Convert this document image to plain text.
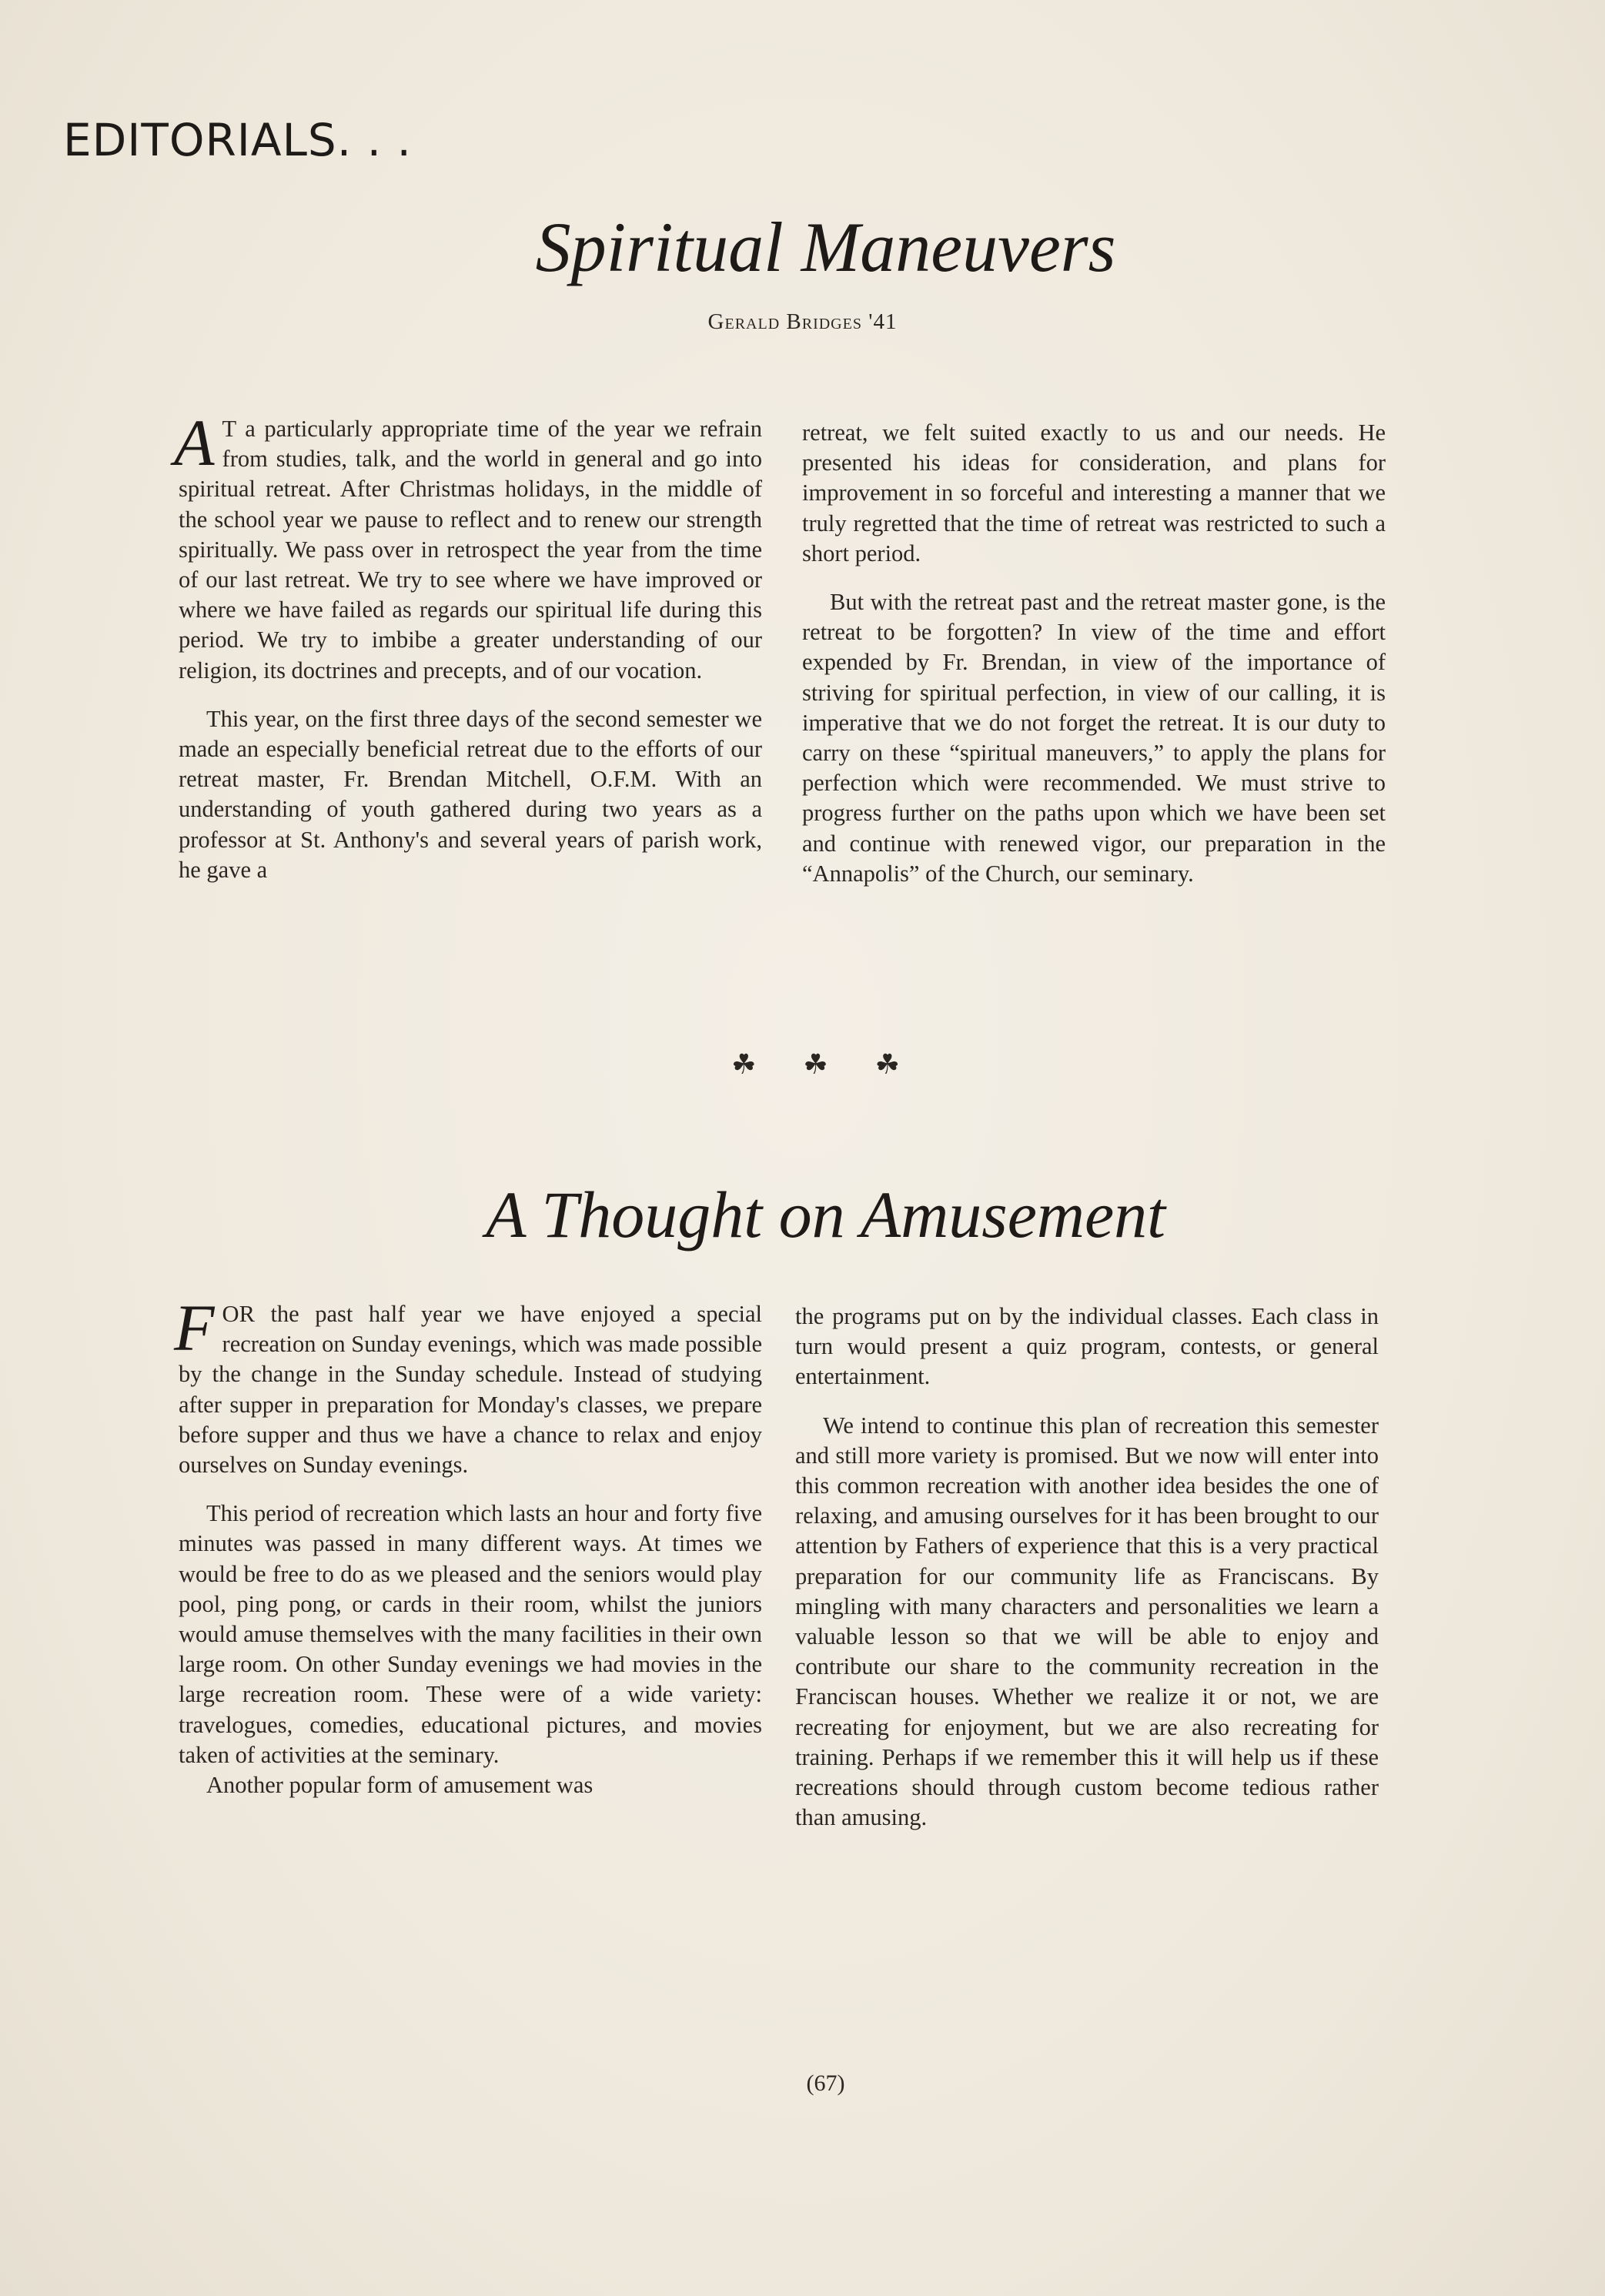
EDITORIALS. . .
Spiritual Maneuvers
Gerald Bridges '41

A T a particularly appropriate time of the year we refrain from studies, talk, and the world in general and go into spiritual retreat. After Christmas holidays, in the middle of the school year we pause to reflect and to renew our strength spiritually. We pass over in retrospect the year from the time of our last retreat. We try to see where we have improved or where we have failed as regards our spiritual life during this period. We try to imbibe a greater understanding of our religion, its doctrines and precepts, and of our vocation.

This year, on the first three days of the second semester we made an especially beneficial retreat due to the efforts of our retreat master, Fr. Brendan Mitchell, O.F.M. With an understanding of youth gathered during two years as a professor at St. Anthony's and several years of parish work, he gave a

retreat, we felt suited exactly to us and our needs. He presented his ideas for consideration, and plans for improvement in so forceful and interesting a manner that we truly regretted that the time of retreat was restricted to such a short period.

But with the retreat past and the retreat master gone, is the retreat to be forgotten? In view of the time and effort expended by Fr. Brendan, in view of the importance of striving for spiritual perfection, in view of our calling, it is imperative that we do not forget the retreat. It is our duty to carry on these “spiritual maneuvers,” to apply the plans for perfection which were recommended. We must strive to progress further on the paths upon which we have been set and continue with renewed vigor, our preparation in the “Annapolis” of the Church, our seminary.

☘ ☘ ☘
A Thought on Amusement

FOR the past half year we have enjoyed a special recreation on Sunday evenings, which was made possible by the change in the Sunday schedule. Instead of studying after supper in preparation for Monday's classes, we prepare before supper and thus we have a chance to relax and enjoy ourselves on Sunday evenings.

This period of recreation which lasts an hour and forty five minutes was passed in many different ways. At times we would be free to do as we pleased and the seniors would play pool, ping pong, or cards in their room, whilst the juniors would amuse themselves with the many facilities in their own large room. On other Sunday evenings we had movies in the large recreation room. These were of a wide variety: travelogues, comedies, educational pictures, and movies taken of activities at the seminary.

Another popular form of amusement was

the programs put on by the individual classes. Each class in turn would present a quiz program, contests, or general entertainment.

We intend to continue this plan of recreation this semester and still more variety is promised. But we now will enter into this common recreation with another idea besides the one of relaxing, and amusing ourselves for it has been brought to our attention by Fathers of experience that this is a very practical preparation for our community life as Franciscans. By mingling with many characters and personalities we learn a valuable lesson so that we will be able to enjoy and contribute our share to the community recreation in the Franciscan houses. Whether we realize it or not, we are recreating for enjoyment, but we are also recreating for training. Perhaps if we remember this it will help us if these recreations should through custom become tedious rather than amusing.

(67)
